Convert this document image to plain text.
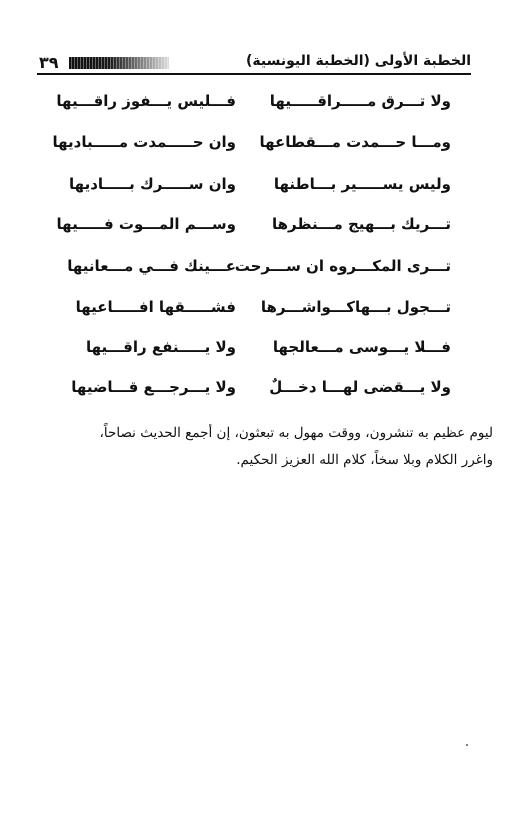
٣٩	الخطبة الأولى (الخطبة اليونسية)
ولا تـــرق مـــــراقـــــيها
فـــليس يـــفوز راقـــيها
ومـــا حـــمدت مـــقطاعها
وان حـــــمدت مـــــباديها
وليس يســـــير بـــاطنها
وان ســـــرك بـــــاديها
تـــريك بـــهيج مـــنظرها
وســـم المـــوت فـــــيها
تـــرى المكـــروه ان ســـرحت
عـــينك فـــي مـــعانيها
تـــجول بـــهاكـــواشـــرها
فشـــــقها افـــــاعيها
فـــلا يـــوسى مـــعالجها
ولا يـــــنفع راقـــيها
ولا يـــقضى لهـــا دخـــلٌ
ولا يـــرجـــع قـــاضيها

ليوم عظيم به تنشرون، ووقت مهول به تبعثون، إن أجمع الحديث نصاحاً،

واغرر الكلام وبلا سخاً، كلام الله العزيز الحكيم.
